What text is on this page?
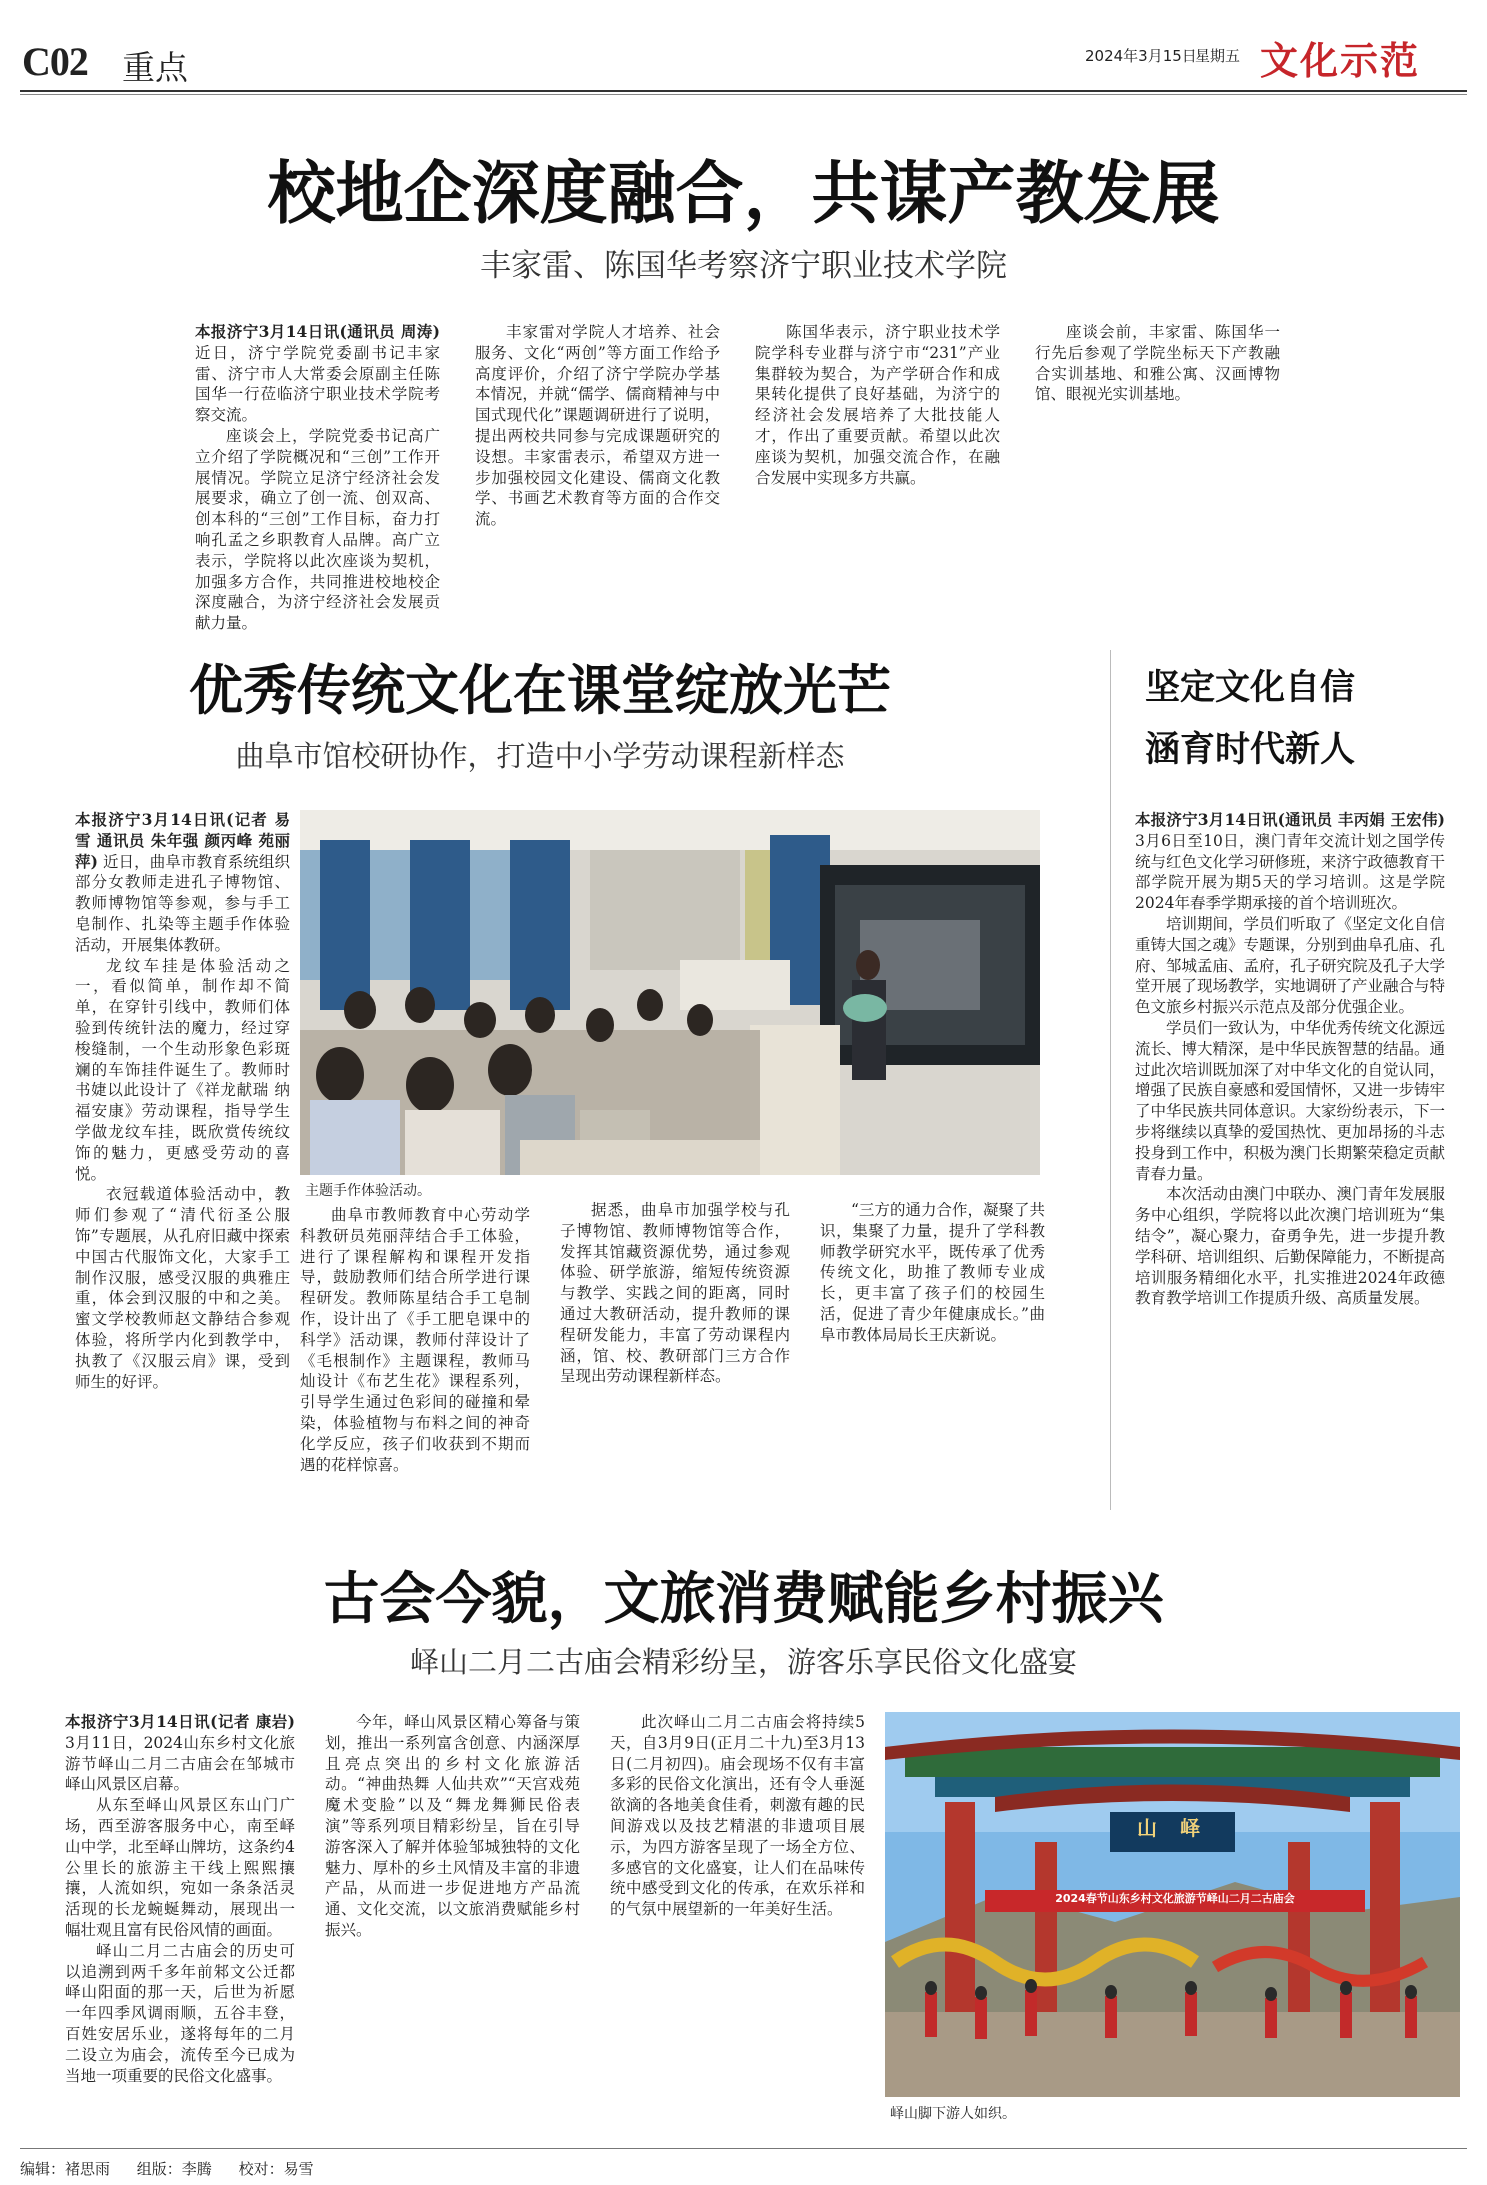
C02 重点	2024年3月15日
星期五 文化示范
校地企深度融合，共谋产教发展
丰家雷、陈国华考察济宁职业技术学院

本报济宁3月14日讯(通讯员 周涛) 近日，济宁学院党委副书记丰家雷、济宁市人大常委会原副主任陈国华一行莅临济宁职业技术学院考察交流。

座谈会上，学院党委书记高广立介绍了学院概况和“三创”工作开展情况。学院立足济宁经济社会发展要求，确立了创一流、创双高、创本科的“三创”工作目标，奋力打响孔孟之乡职教育人品牌。高广立表示，学院将以此次座谈为契机，加强多方合作，共同推进校地校企深度融合，为济宁经济社会发展贡献力量。

丰家雷对学院人才培养、社会服务、文化“两创”等方面工作给予高度评价，介绍了济宁学院办学基本情况，并就“儒学、儒商精神与中国式现代化”课题调研进行了说明，提出两校共同参与完成课题研究的设想。丰家雷表示，希望双方进一步加强校园文化建设、儒商文化教学、书画艺术教育等方面的合作交流。

陈国华表示，济宁职业技术学院学科专业群与济宁市“231”产业集群较为契合，为产学研合作和成果转化提供了良好基础，为济宁的经济社会发展培养了大批技能人才，作出了重要贡献。希望以此次座谈为契机，加强交流合作，在融合发展中实现多方共赢。

座谈会前，丰家雷、陈国华一行先后参观了学院坐标天下产教融合实训基地、和雅公寓、汉画博物馆、眼视光实训基地。

优秀传统文化在课堂绽放光芒
曲阜市馆校研协作，打造中小学劳动课程新样态

本报济宁3月14日讯(记者 易雪 通讯员 朱年强 颜丙峰 苑丽萍) 近日，曲阜市教育系统组织部分女教师走进孔子博物馆、教师博物馆等参观，参与手工皂制作、扎染等主题手作体验活动，开展集体教研。

龙纹车挂是体验活动之一，看似简单，制作却不简单，在穿针引线中，教师们体验到传统针法的魔力，经过穿梭缝制，一个生动形象色彩斑斓的车饰挂件诞生了。教师时书婕以此设计了《祥龙献瑞 纳福安康》劳动课程，指导学生学做龙纹车挂，既欣赏传统纹饰的魅力，更感受劳动的喜悦。

衣冠载道体验活动中，教师们参观了“清代衍圣公服饰”专题展，从孔府旧藏中探索中国古代服饰文化，大家手工制作汉服，感受汉服的典雅庄重，体会到汉服的中和之美。蜜文学校教师赵文静结合参观体验，将所学内化到教学中，执教了《汉服云肩》课，受到师生的好评。

主题手作体验活动。

曲阜市教师教育中心劳动学科教研员苑丽萍结合手工体验，进行了课程解构和课程开发指导，鼓励教师们结合所学进行课程研发。教师陈星结合手工皂制作，设计出了《手工肥皂课中的科学》活动课，教师付萍设计了《毛根制作》主题课程，教师马灿设计《布艺生花》课程系列，引导学生通过色彩间的碰撞和晕染，体验植物与布料之间的神奇化学反应，孩子们收获到不期而遇的花样惊喜。

据悉，曲阜市加强学校与孔子博物馆、教师博物馆等合作，发挥其馆藏资源优势，通过参观体验、研学旅游，缩短传统资源与教学、实践之间的距离，同时通过大教研活动，提升教师的课程研发能力，丰富了劳动课程内涵，馆、校、教研部门三方合作呈现出劳动课程新样态。

“三方的通力合作，凝聚了共识，集聚了力量，提升了学科教师教学研究水平，既传承了优秀传统文化，助推了教师专业成长，更丰富了孩子们的校园生活，促进了青少年健康成长。”曲阜市教体局局长王庆新说。

坚定文化自信
涵育时代新人

本报济宁3月14日讯(通讯员 丰丙娟 王宏伟) 3月6日至10日，澳门青年交流计划之国学传统与红色文化学习研修班，来济宁政德教育干部学院开展为期5天的学习培训。这是学院2024年春季学期承接的首个培训班次。

培训期间，学员们听取了《坚定文化自信 重铸大国之魂》专题课，分别到曲阜孔庙、孔府、邹城孟庙、孟府，孔子研究院及孔子大学堂开展了现场教学，实地调研了产业融合与特色文旅乡村振兴示范点及部分优强企业。

学员们一致认为，中华优秀传统文化源远流长、博大精深，是中华民族智慧的结晶。通过此次培训既加深了对中华文化的自觉认同，增强了民族自豪感和爱国情怀，又进一步铸牢了中华民族共同体意识。大家纷纷表示，下一步将继续以真挚的爱国热忱、更加昂扬的斗志投身到工作中，积极为澳门长期繁荣稳定贡献青春力量。

本次活动由澳门中联办、澳门青年发展服务中心组织，学院将以此次澳门培训班为“集结令”，凝心聚力，奋勇争先，进一步提升教学科研、培训组织、后勤保障能力，不断提高培训服务精细化水平，扎实推进2024年政德教育教学培训工作提质升级、高质量发展。

古会今貌，文旅消费赋能乡村振兴
峄山二月二古庙会精彩纷呈，游客乐享民俗文化盛宴

本报济宁3月14日讯(记者 康岩) 3月11日，2024山东乡村文化旅游节峄山二月二古庙会在邹城市峄山风景区启幕。

从东至峄山风景区东山门广场，西至游客服务中心，南至峄山中学，北至峄山牌坊，这条约4公里长的旅游主干线上熙熙攘攘，人流如织，宛如一条条活灵活现的长龙蜿蜒舞动，展现出一幅壮观且富有民俗风情的画面。

峄山二月二古庙会的历史可以追溯到两千多年前邾文公迁都峄山阳面的那一天，后世为祈愿一年四季风调雨顺，五谷丰登，百姓安居乐业，遂将每年的二月二设立为庙会，流传至今已成为当地一项重要的民俗文化盛事。

今年，峄山风景区精心筹备与策划，推出一系列富含创意、内涵深厚且亮点突出的乡村文化旅游活动。“神曲热舞 人仙共欢”“天宫戏苑 魔术变脸”以及“舞龙舞狮民俗表演”等系列项目精彩纷呈，旨在引导游客深入了解并体验邹城独特的文化魅力、厚朴的乡土风情及丰富的非遗产品，从而进一步促进地方产品流通、文化交流，以文旅消费赋能乡村振兴。

此次峄山二月二古庙会将持续5天，自3月9日(正月二十九)至3月13日(二月初四)。庙会现场不仅有丰富多彩的民俗文化演出，还有令人垂涎欲滴的各地美食佳肴，刺激有趣的民间游戏以及技艺精湛的非遗项目展示，为四方游客呈现了一场全方位、多感官的文化盛宴，让人们在品味传统中感受到文化的传承，在欢乐祥和的气氛中展望新的一年美好生活。

山 峄
2024春节山东乡村文化旅游节峄山二月二古庙会
峄山脚下游人如织。
编辑：褚思雨 组版：李腾 校对：易雪
